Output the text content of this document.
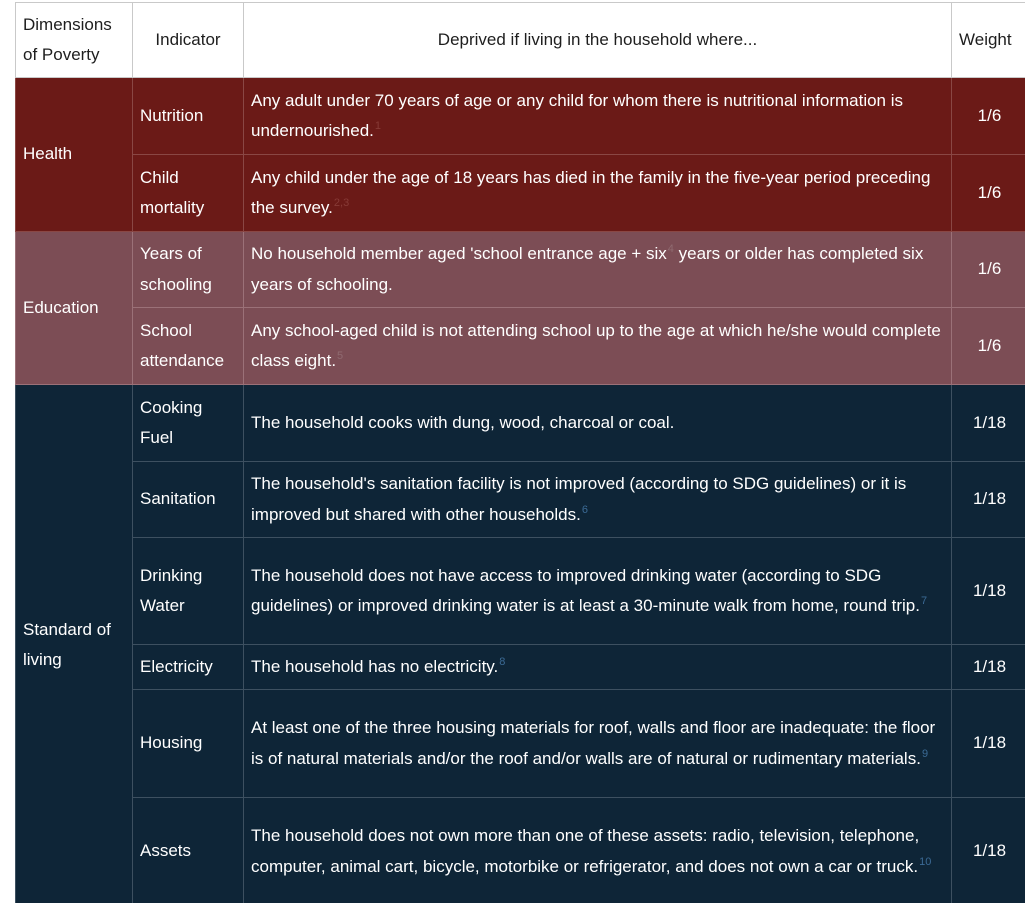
Dimensions of Poverty	Indicator	Deprived if living in the household where...	Weight
Health	Nutrition	Any adult under 70 years of age or any child for whom there is nutritional information is undernourished.$^1$	1/6
	Child mortality	Any child under the age of 18 years has died in the family in the five-year period preceding the survey.$^{2,3}$	1/6
Education	Years of schooling	No household member aged 'school entrance age + six$^4$ years or older has completed six years of schooling.	1/6
	School attendance	Any school-aged child is not attending school up to the age at which he/she would complete class eight.$^5$	1/6
Standard of living	Cooking Fuel	The household cooks with dung, wood, charcoal or coal.	1/18
	Sanitation	The household's sanitation facility is not improved (according to SDG guidelines) or it is improved but shared with other households.$^6$	1/18
	Drinking Water	The household does not have access to improved drinking water (according to SDG guidelines) or improved drinking water is at least a 30-minute walk from home, round trip.$^7$	1/18
	Electricity	The household has no electricity.$^8$	1/18
	Housing	At least one of the three housing materials for roof, walls and floor are inadequate: the floor is of natural materials and/or the roof and/or walls are of natural or rudimentary materials.$^9$	1/18
	Assets	The household does not own more than one of these assets: radio, television, telephone, computer, animal cart, bicycle, motorbike or refrigerator, and does not own a car or truck.$^{10}$	1/18
